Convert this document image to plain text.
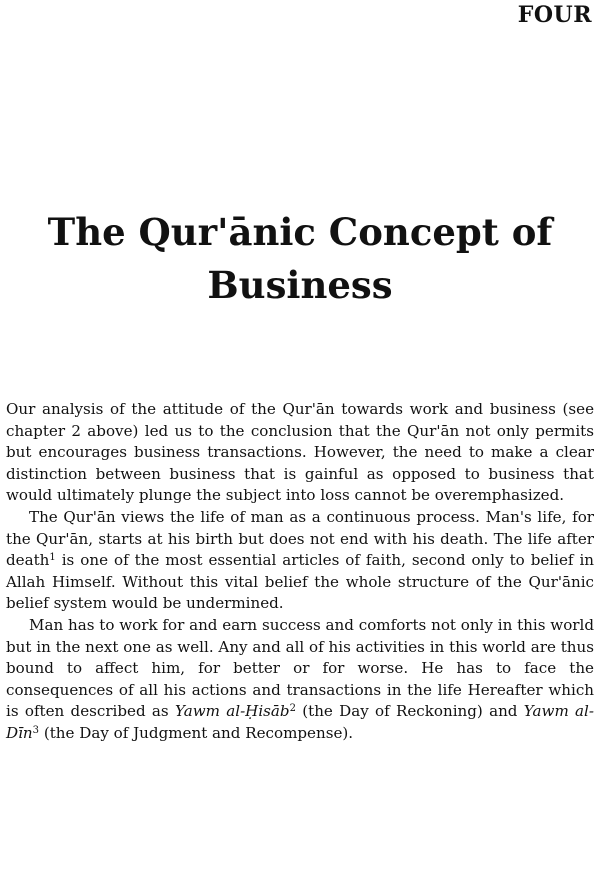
FOUR
The Qur'ānic Concept of
Business

Our analysis of the attitude of the Qur'ān towards work and business (see chapter 2 above) led us to the conclusion that the Qur'ān not only permits but encourages business transactions. However, the need to make a clear distinction between business that is gainful as opposed to business that would ultimately plunge the subject into loss cannot be overemphasized.

The Qur'ān views the life of man as a continuous process. Man's life, for the Qur'ān, starts at his birth but does not end with his death. The life after death$^1$ is one of the most essential articles of faith, second only to belief in Allah Himself. Without this vital belief the whole structure of the Qur'ānic belief system would be undermined.

Man has to work for and earn success and comforts not only in this world but in the next one as well. Any and all of his activities in this world are thus bound to affect him, for better or for worse. He has to face the consequences of all his actions and transactions in the life Hereafter which is often described as Yawm al-Ḥisāb$^2$ (the Day of Reckoning) and Yawm al-Dīn$^3$ (the Day of Judgment and Recompense).
